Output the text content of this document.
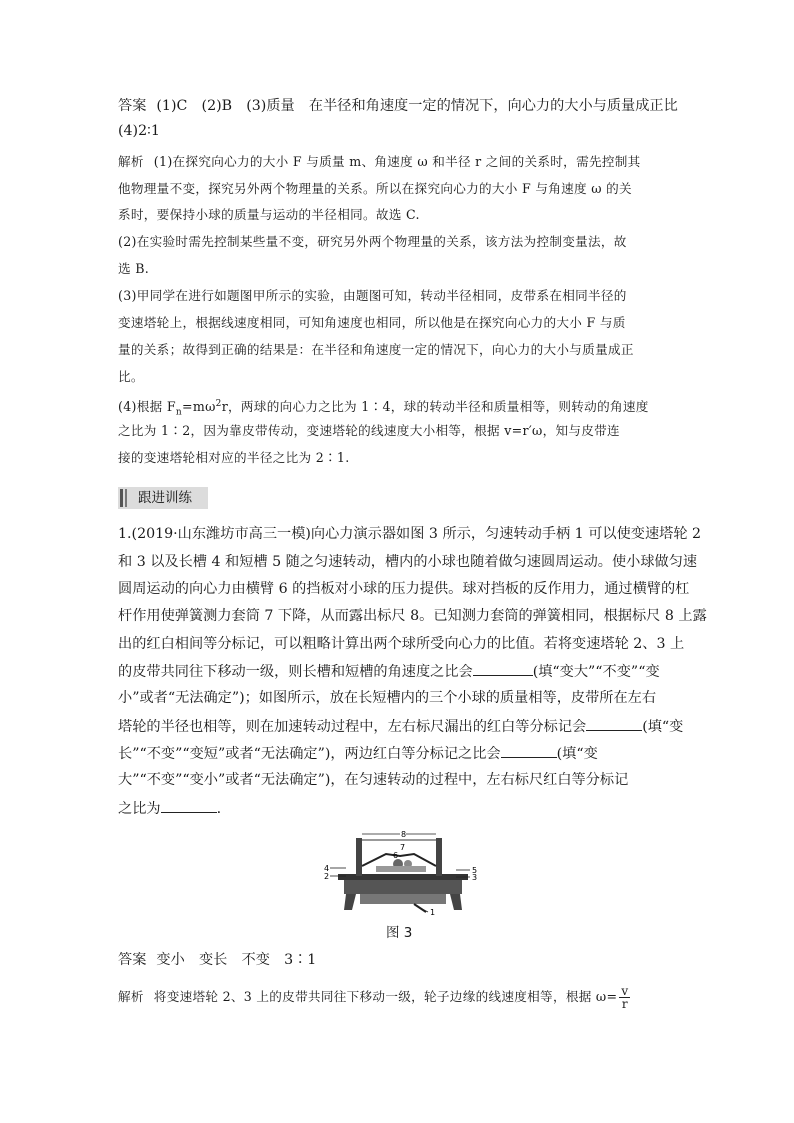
答案 (1)C　(2)B　(3)质量　在半径和角速度一定的情况下，向心力的大小与质量成正比
(4)2∶1
解析 (1)在探究向心力的大小 F 与质量 m、角速度 ω 和半径 r 之间的关系时，需先控制其
他物理量不变，探究另外两个物理量的关系。所以在探究向心力的大小 F 与角速度 ω 的关
系时，要保持小球的质量与运动的半径相同。故选 C.
(2)在实验时需先控制某些量不变，研究另外两个物理量的关系，该方法为控制变量法，故
选 B.
(3)甲同学在进行如题图甲所示的实验，由题图可知，转动半径相同，皮带系在相同半径的
变速塔轮上，根据线速度相同，可知角速度也相同，所以他是在探究向心力的大小 F 与质
量的关系；故得到正确的结果是：在半径和角速度一定的情况下，向心力的大小与质量成正
比。
(4)根据 $F_n=m\omega^2r$，两球的向心力之比为 1∶4，球的转动半径和质量相等，则转动的角速度
之比为 1∶2，因为靠皮带传动，变速塔轮的线速度大小相等，根据 v=r′ω，知与皮带连
接的变速塔轮相对应的半径之比为 2∶1.
跟进训练
1.(2019·山东潍坊市高三一模)向心力演示器如图 3 所示，匀速转动手柄 1 可以使变速塔轮 2
和 3 以及长槽 4 和短槽 5 随之匀速转动，槽内的小球也随着做匀速圆周运动。使小球做匀速
圆周运动的向心力由横臂 6 的挡板对小球的压力提供。球对挡板的反作用力，通过横臂的杠
杆作用使弹簧测力套筒 7 下降，从而露出标尺 8。已知测力套筒的弹簧相同，根据标尺 8 上露
出的红白相间等分标记，可以粗略计算出两个球所受向心力的比值。若将变速塔轮 2、3 上
的皮带共同往下移动一级，则长槽和短槽的角速度之比会	(填“变大”“不变”“变
小”或者“无法确定”)；如图所示，放在长短槽内的三个小球的质量相等，皮带所在左右
塔轮的半径也相等，则在加速转动过程中，左右标尺漏出的红白等分标记会	(填“变
长”“不变”“变短”或者“无法确定”)，两边红白等分标记之比会	(填“变
大”“不变”“变小”或者“无法确定”)，在匀速转动的过程中，左右标尺红白等分标记
之比为	.
8
7
6
4
2
5
3
1
图 3
答案 变小　变长　不变　3∶1
解析 将变速塔轮 2、3 上的皮带共同往下移动一级，轮子边缘的线速度相等，根据 $\omega= \frac{v}{r}$
